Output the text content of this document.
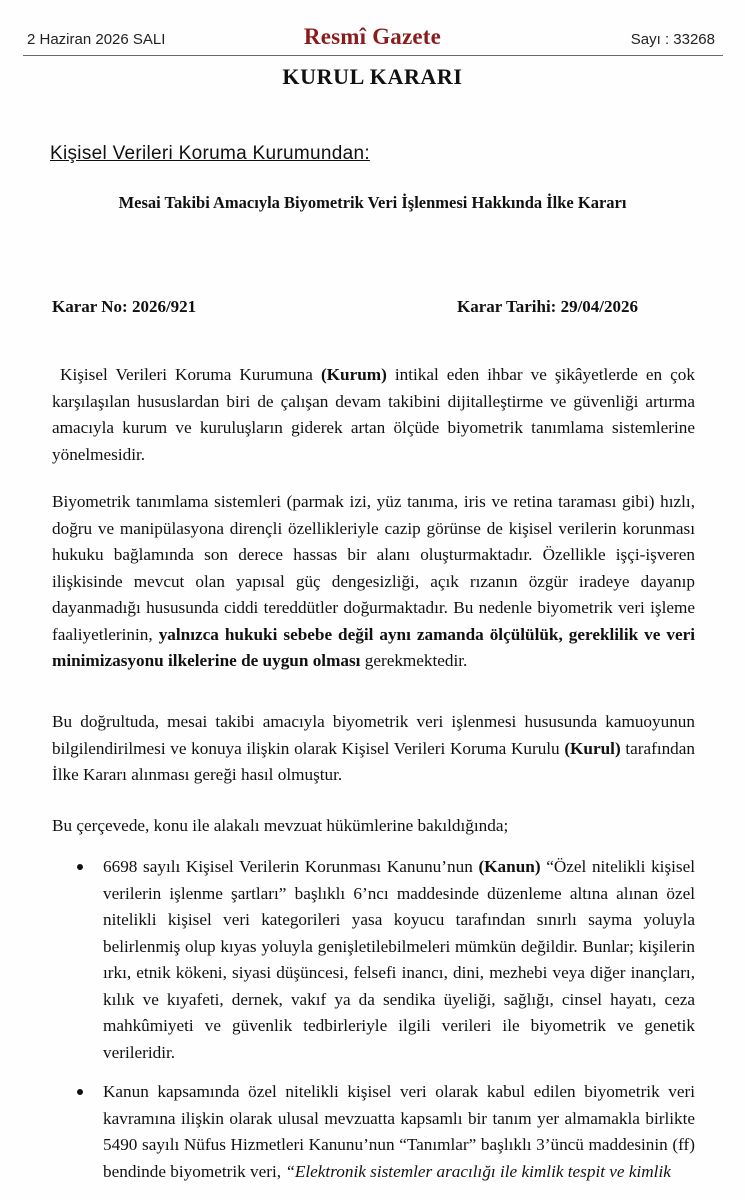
2 Haziran 2026 SALI	Resmî Gazete	Sayı : 33268
KURUL KARARI
Kişisel Verileri Koruma Kurumundan:
Mesai Takibi Amacıyla Biyometrik Veri İşlenmesi Hakkında İlke Kararı
Karar No: 2026/921	Karar Tarihi: 29/04/2026
Kişisel Verileri Koruma Kurumuna (Kurum) intikal eden ihbar ve şikâyetlerde en çok karşılaşılan hususlardan biri de çalışan devam takibini dijitalleştirme ve güvenliği artırma amacıyla kurum ve kuruluşların giderek artan ölçüde biyometrik tanımlama sistemlerine yönelmesidir.
Biyometrik tanımlama sistemleri (parmak izi, yüz tanıma, iris ve retina taraması gibi) hızlı, doğru ve manipülasyona dirençli özellikleriyle cazip görünse de kişisel verilerin korunması hukuku bağlamında son derece hassas bir alanı oluşturmaktadır. Özellikle işçi-işveren ilişkisinde mevcut olan yapısal güç dengesizliği, açık rızanın özgür iradeye dayanıp dayanmadığı hususunda ciddi tereddütler doğurmaktadır. Bu nedenle biyometrik veri işleme faaliyetlerinin, yalnızca hukuki sebebe değil aynı zamanda ölçülülük, gereklilik ve veri minimizasyonu ilkelerine de uygun olması gerekmektedir.
Bu doğrultuda, mesai takibi amacıyla biyometrik veri işlenmesi hususunda kamuoyunun bilgilendirilmesi ve konuya ilişkin olarak Kişisel Verileri Koruma Kurulu (Kurul) tarafından İlke Kararı alınması gereği hasıl olmuştur.
Bu çerçevede, konu ile alakalı mevzuat hükümlerine bakıldığında;
6698 sayılı Kişisel Verilerin Korunması Kanunu’nun (Kanun) “Özel nitelikli kişisel verilerin işlenme şartları” başlıklı 6’ncı maddesinde düzenleme altına alınan özel nitelikli kişisel veri kategorileri yasa koyucu tarafından sınırlı sayma yoluyla belirlenmiş olup kıyas yoluyla genişletilebilmeleri mümkün değildir. Bunlar; kişilerin ırkı, etnik kökeni, siyasi düşüncesi, felsefi inancı, dini, mezhebi veya diğer inançları, kılık ve kıyafeti, dernek, vakıf ya da sendika üyeliği, sağlığı, cinsel hayatı, ceza mahkûmiyeti ve güvenlik tedbirleriyle ilgili verileri ile biyometrik ve genetik verileridir.
Kanun kapsamında özel nitelikli kişisel veri olarak kabul edilen biyometrik veri kavramına ilişkin olarak ulusal mevzuatta kapsamlı bir tanım yer almamakla birlikte 5490 sayılı Nüfus Hizmetleri Kanunu’nun “Tanımlar” başlıklı 3’üncü maddesinin (ff) bendinde biyometrik veri, “Elektronik sistemler aracılığı ile kimlik tespit ve kimlik
